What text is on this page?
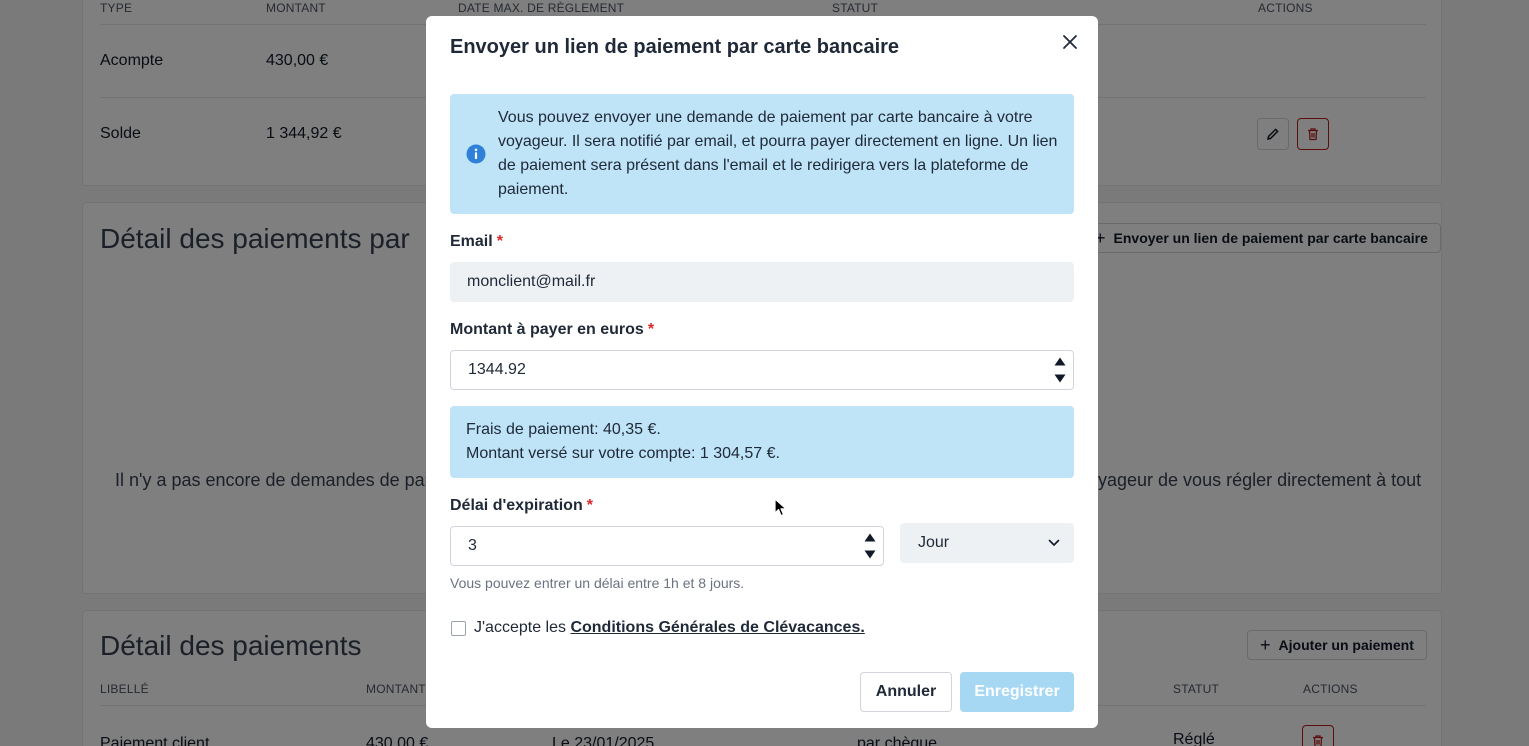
Envoyer un lien de paiement par carte bancaire
Vous pouvez envoyer une demande de paiement par carte bancaire à votre voyageur. Il sera notifié par email, et pourra payer directement en ligne. Un lien de paiement sera présent dans l'email et le redirigera vers la plateforme de paiement.
Email *
monclient@mail.fr
Montant à payer en euros *
1344.92
Frais de paiement: 40,35 €.
Montant versé sur votre compte: 1 304,57 €.
Délai d'expiration *
3	Jour
Vous pouvez entrer un délai entre 1h et 8 jours.
J'accepte les Conditions Générales de Clévacances.
Annuler	Enregistrer
